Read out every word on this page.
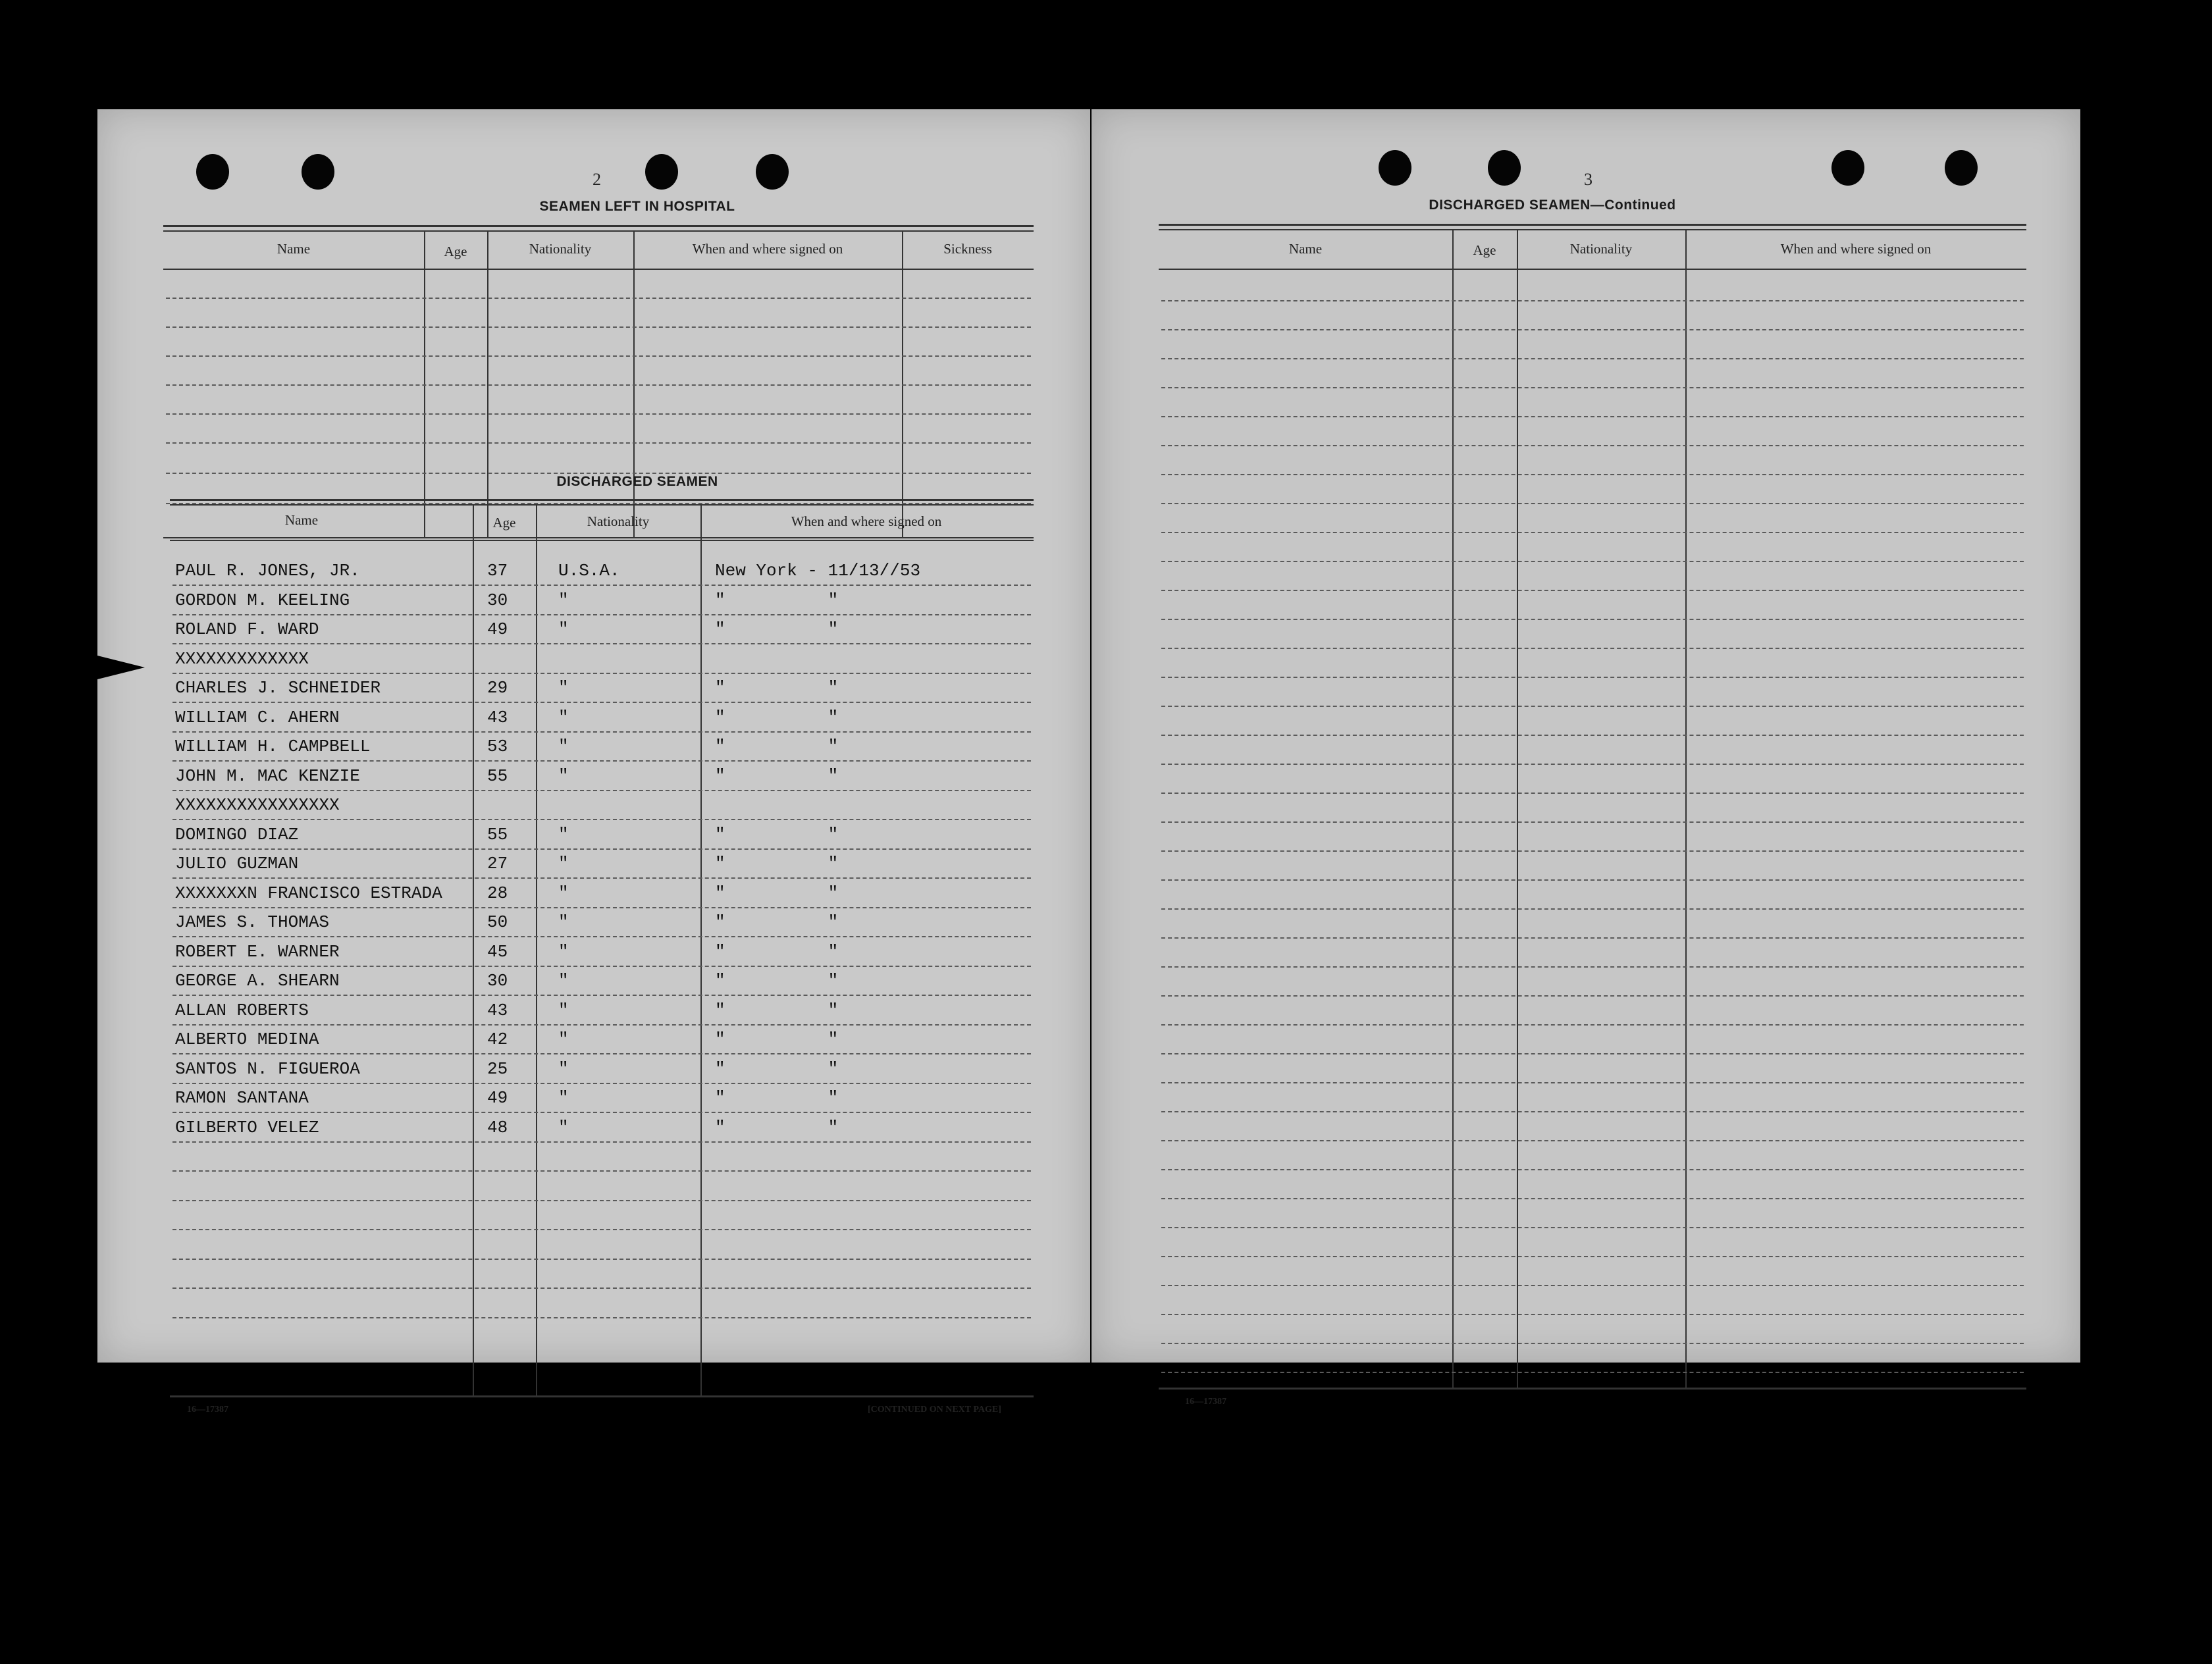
2
SEAMEN LEFT IN HOSPITAL
Name	Age	Nationality	When and where signed on	Sickness
DISCHARGED SEAMEN
Name	Age	Nationality	When and where signed on
PAUL R. JONES, JR.	37	U.S.A.	New York - 11/13//53
GORDON M. KEELING	30	"	"          "
ROLAND F. WARD	49	"	"          "
XXXXXXXXXXXXX
CHARLES J. SCHNEIDER	29	"	"          "
WILLIAM C. AHERN	43	"	"          "
WILLIAM H. CAMPBELL	53	"	"          "
JOHN M. MAC KENZIE	55	"	"          "
XXXXXXXXXXXXXXXX
DOMINGO DIAZ	55	"	"          "
JULIO GUZMAN	27	"	"          "
XXXXXXXN FRANCISCO ESTRADA	28	"	"          "
JAMES S. THOMAS	50	"	"          "
ROBERT E. WARNER	45	"	"          "
GEORGE A. SHEARN	30	"	"          "
ALLAN ROBERTS	43	"	"          "
ALBERTO MEDINA	42	"	"          "
SANTOS N. FIGUEROA	25	"	"          "
RAMON SANTANA	49	"	"          "
GILBERTO VELEZ	48	"	"          "
16—17387	[CONTINUED ON NEXT PAGE]
3
DISCHARGED SEAMEN—Continued
Name	Age	Nationality	When and where signed on
16—17387
